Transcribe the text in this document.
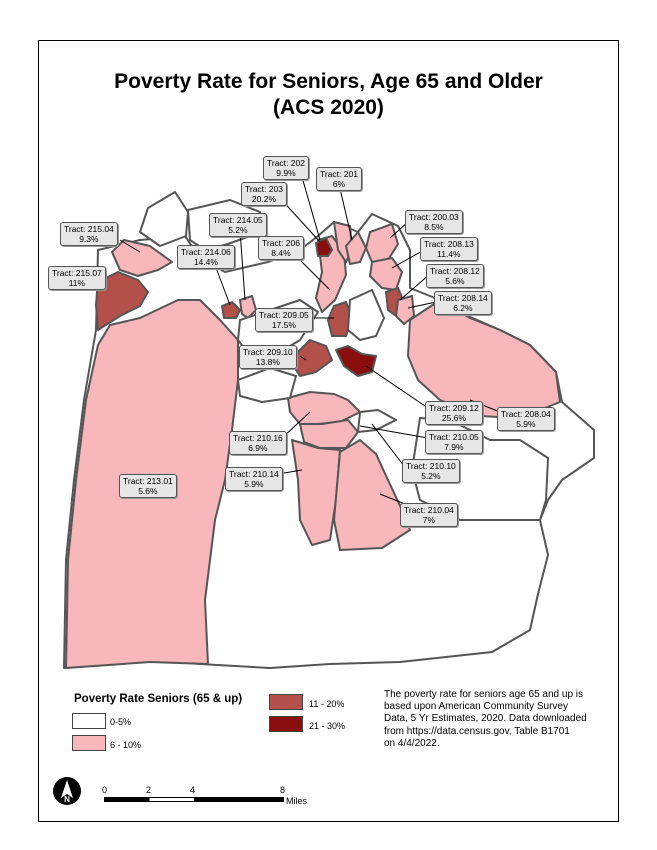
Poverty Rate for Seniors, Age 65 and Older
(ACS 2020)
Tract: 202
9.9%	Tract: 201
6%
Tract: 203
20.2%
Tract: 215.04
9.3%
Tract: 214.05
5.2%
Tract: 200.03
8.5%
Tract: 214.06
14.4%
Tract: 206
8.4%
Tract: 208.13
11.4%
Tract: 215.07
11%
Tract: 208.12
5.6%
Tract: 208.14
6.2%
Tract: 209.05
17.5%
Tract: 209.10
13.8%
Tract: 209.12
25.6%	Tract: 208.04
5.9%
Tract: 210.16
6.9%
Tract: 210.05
7.9%
Tract: 210.14
5.9%
Tract: 210.10
5.2%
Tract: 213.01
5.6%
Tract: 210.04
7%
Poverty Rate Seniors (65 & up)
0-5%
6 - 10%
11 - 20%
21 - 30%
The poverty rate for seniors age 65 and up is
based upon American Community Survey
Data, 5 Yr Estimates, 2020. Data downloaded
from https://data.census.gov, Table B1701
on 4/4/2022.
N
0	2	4	8
Miles
